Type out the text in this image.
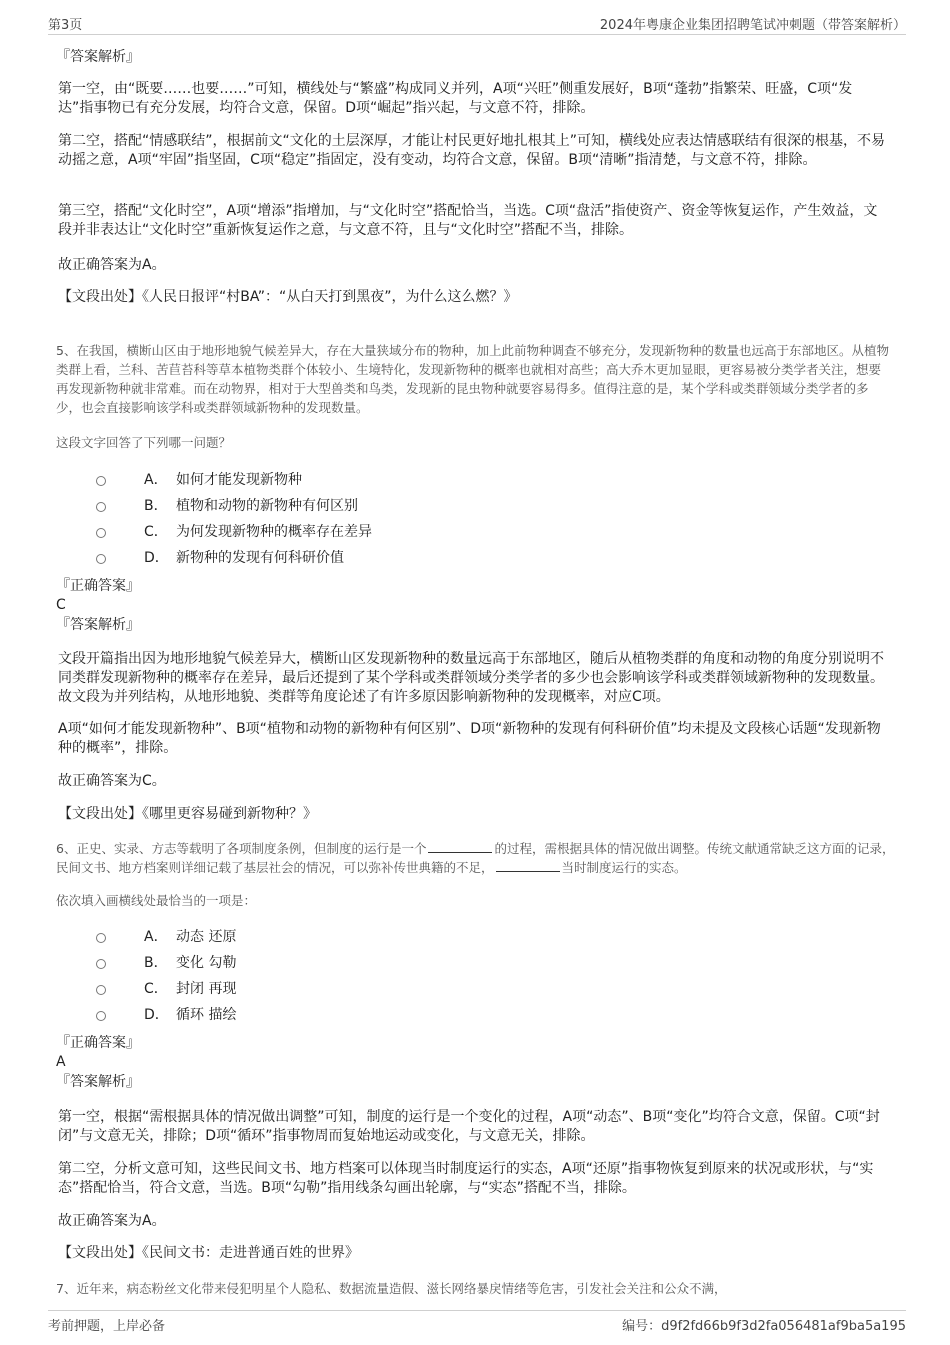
第3页	2024年粤康企业集团招聘笔试冲刺题（带答案解析）
『答案解析』

第一空，由“既要……也要……”可知，横线处与“繁盛”构成同义并列，A项“兴旺”侧重发展好，B项“蓬勃”指繁荣、旺盛，C项“发达”指事物已有充分发展，均符合文意，保留。D项“崛起”指兴起，与文意不符，排除。

第二空，搭配“情感联结”，根据前文“文化的土层深厚，才能让村民更好地扎根其上”可知，横线处应表达情感联结有很深的根基，不易动摇之意，A项“牢固”指坚固，C项“稳定”指固定，没有变动，均符合文意，保留。B项“清晰”指清楚，与文意不符，排除。

第三空，搭配“文化时空”，A项“增添”指增加，与“文化时空”搭配恰当，当选。C项“盘活”指使资产、资金等恢复运作，产生效益，文段并非表达让“文化时空”重新恢复运作之意，与文意不符，且与“文化时空”搭配不当，排除。

故正确答案为A。

【文段出处】《人民日报评“村BA”：“从白天打到黑夜”，为什么这么燃？》

5、在我国，横断山区由于地形地貌气候差异大，存在大量狭域分布的物种，加上此前物种调查不够充分，发现新物种的数量也远高于东部地区。从植物类群上看，兰科、苦苣苔科等草本植物类群个体较小、生境特化，发现新物种的概率也就相对高些；高大乔木更加显眼，更容易被分类学者关注，想要再发现新物种就非常难。而在动物界，相对于大型兽类和鸟类，发现新的昆虫物种就要容易得多。值得注意的是，某个学科或类群领域分类学者的多少，也会直接影响该学科或类群领域新物种的发现数量。

这段文字回答了下列哪一问题？

A． 如何才能发现新物种
B． 植物和动物的新物种有何区别
C． 为何发现新物种的概率存在差异
D． 新物种的发现有何科研价值
『正确答案』
C
『答案解析』

文段开篇指出因为地形地貌气候差异大，横断山区发现新物种的数量远高于东部地区，随后从植物类群的角度和动物的角度分别说明不同类群发现新物种的概率存在差异，最后还提到了某个学科或类群领域分类学者的多少也会影响该学科或类群领域新物种的发现数量。故文段为并列结构，从地形地貌、类群等角度论述了有许多原因影响新物种的发现概率，对应C项。

A项“如何才能发现新物种”、B项“植物和动物的新物种有何区别”、D项“新物种的发现有何科研价值”均未提及文段核心话题“发现新物种的概率”，排除。

故正确答案为C。

【文段出处】《哪里更容易碰到新物种？》

6、正史、实录、方志等载明了各项制度条例，但制度的运行是一个	的过程，需根据具体的情况做出调整。传统文献通常缺乏这方面的记录，民间文书、地方档案则详细记载了基层社会的情况，可以弥补传世典籍的不足，	当时制度运行的实态。

依次填入画横线处最恰当的一项是：

A． 动态 还原
B． 变化 勾勒
C． 封闭 再现
D． 循环 描绘
『正确答案』
A
『答案解析』

第一空，根据“需根据具体的情况做出调整”可知，制度的运行是一个变化的过程，A项“动态”、B项“变化”均符合文意，保留。C项“封闭”与文意无关，排除；D项“循环”指事物周而复始地运动或变化，与文意无关，排除。

第二空，分析文意可知，这些民间文书、地方档案可以体现当时制度运行的实态，A项“还原”指事物恢复到原来的状况或形状，与“实态”搭配恰当，符合文意，当选。B项“勾勒”指用线条勾画出轮廓，与“实态”搭配不当，排除。

故正确答案为A。

【文段出处】《民间文书：走进普通百姓的世界》

7、近年来，病态粉丝文化带来侵犯明星个人隐私、数据流量造假、滋长网络暴戾情绪等危害，引发社会关注和公众不满，

考前押题，上岸必备	编号：d9f2fd66b9f3d2fa056481af9ba5a195
